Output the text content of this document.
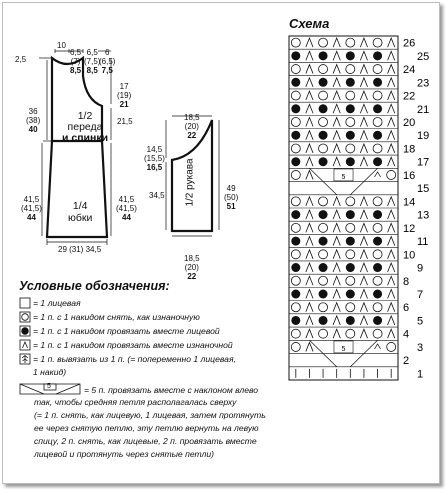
2,5
10

6,5
(7)
8,5

6,5
(7,5)
8,5

6
(6,5)
7,5

17
(19)
21

36
(38)
40
21,5

1/2
переда
и спинки

1/4
юбки

41,5
(41,5)
44

41,5
(41,5)
44
29 (31) 34,5

18,5
(20)
22

14,5
(15,5)
16,5
34,5

49
(50)
51

18,5
(20)
22
1/2 рукава
Условные обозначения:
5
= 1 лицевая
= 1 п. с 1 накидом снять, как изнаночную
= 1 п. с 1 накидом провязать вместе лицевой
= 1 п. с 1 накидом провязать вместе изнаночной
= 1 п. вывязать из 1 п. (= попеременно 1 лицевая,
1 накид)
= 5 п. провязать вместе с наклоном влево
так, чтобы средняя петля располагалась сверху
(= 1 п. снять, как лицевую, 1 лицевая, затем протянуть
ее через снятую петлю, эту петлю вернуть на левую
спицу, 2 п. снять, как лицевые, 2 п. провязать вместе
лицевой и протянуть через снятые петли)
Схема
5
5
1
3
5
7
9
11
13
15
17
19
21
23
25
2
4
6
8
10
12
14
16
18
20
22
24
26
